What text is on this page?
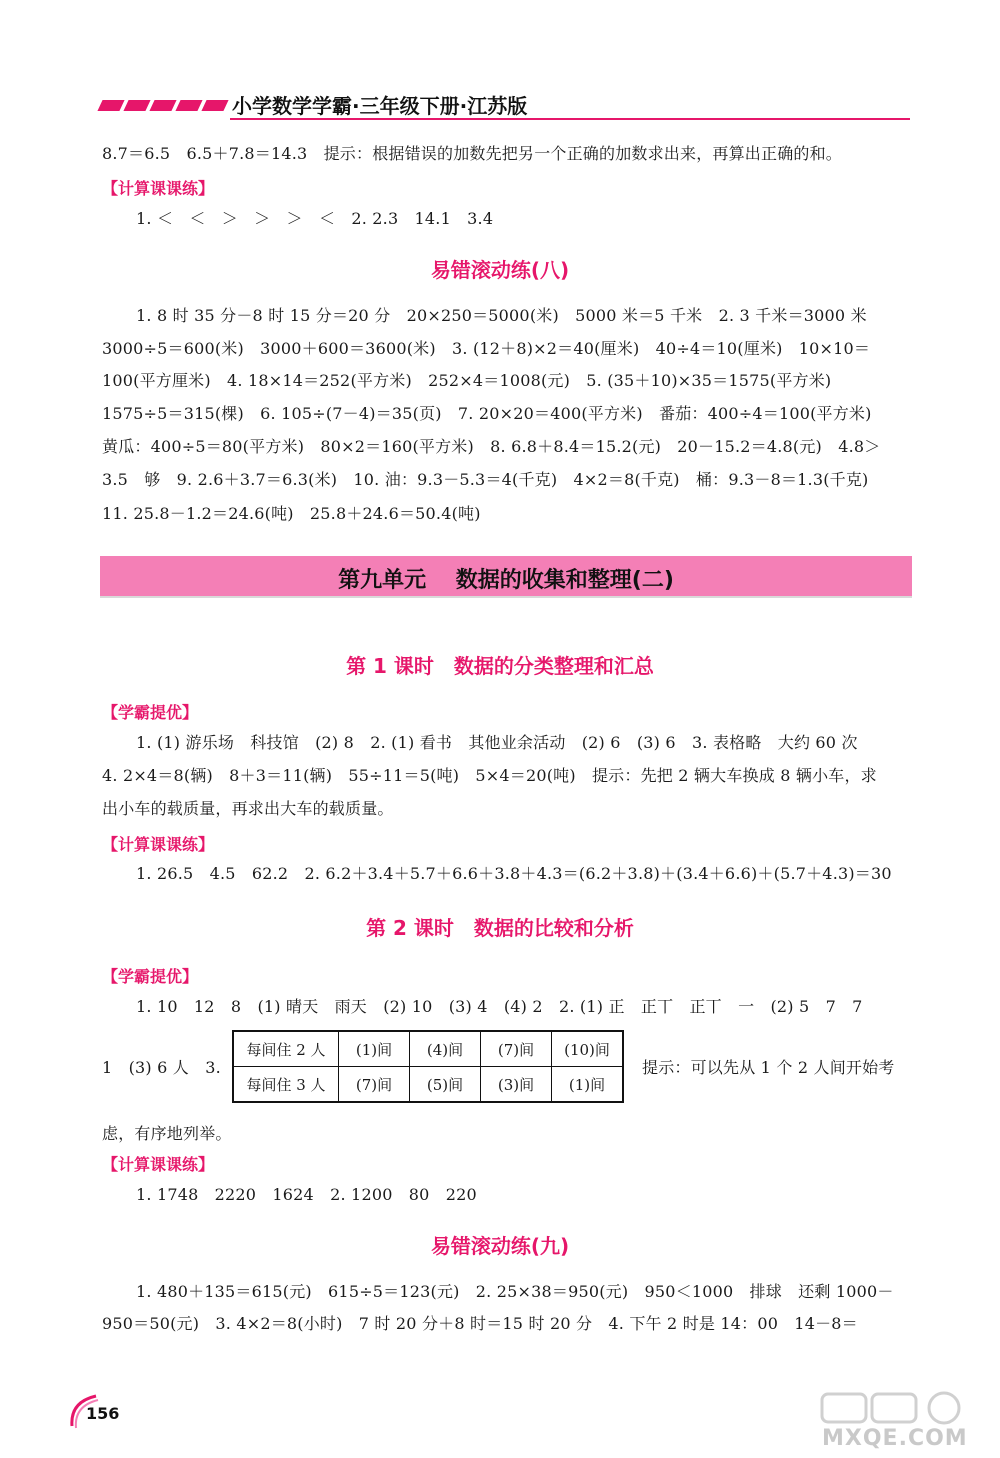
小学数学学霸·三年级下册·江苏版
8.7＝6.5　6.5＋7.8＝14.3　提示：根据错误的加数先把另一个正确的加数求出来，再算出正确的和。
【计算课课练】
1. ＜　＜　＞　＞　＞　＜　2. 2.3　14.1　3.4
易错滚动练(八)
1. 8 时 35 分－8 时 15 分＝20 分　20×250＝5000(米)　5000 米＝5 千米　2. 3 千米＝3000 米
3000÷5＝600(米)　3000＋600＝3600(米)　3. (12＋8)×2＝40(厘米)　40÷4＝10(厘米)　10×10＝
100(平方厘米)　4. 18×14＝252(平方米)　252×4＝1008(元)　5. (35＋10)×35＝1575(平方米)
1575÷5＝315(棵)　6. 105÷(7－4)＝35(页)　7. 20×20＝400(平方米)　番茄：400÷4＝100(平方米)
黄瓜：400÷5＝80(平方米)　80×2＝160(平方米)　8. 6.8＋8.4＝15.2(元)　20－15.2＝4.8(元)　4.8＞
3.5　够　9. 2.6＋3.7＝6.3(米)　10. 油：9.3－5.3＝4(千克)　4×2＝8(千克)　桶：9.3－8＝1.3(千克)
11. 25.8－1.2＝24.6(吨)　25.8＋24.6＝50.4(吨)
第九单元　 数据的收集和整理(二)
第 1 课时　数据的分类整理和汇总
【学霸提优】
1. (1) 游乐场　科技馆　(2) 8　2. (1) 看书　其他业余活动　(2) 6　(3) 6　3. 表格略　大约 60 次
4. 2×4＝8(辆)　8＋3＝11(辆)　55÷11＝5(吨)　5×4＝20(吨)　提示：先把 2 辆大车换成 8 辆小车，求
出小车的载质量，再求出大车的载质量。
【计算课课练】
1. 26.5　4.5　62.2　2. 6.2＋3.4＋5.7＋6.6＋3.8＋4.3＝(6.2＋3.8)＋(3.4＋6.6)＋(5.7＋4.3)＝30
第 2 课时　数据的比较和分析
【学霸提优】
1. 10　12　8　(1) 晴天　雨天　(2) 10　(3) 4　(4) 2　2. (1) 正　正丅　正丅　一　(2) 5　7　7
1　(3) 6 人　3.
每间住 2 人	(1)间	(4)间	(7)间	(10)间
每间住 3 人	(7)间	(5)间	(3)间	(1)间
提示：可以先从 1 个 2 人间开始考
虑，有序地列举。
【计算课课练】
1. 1748　2220　1624　2. 1200　80　220
易错滚动练(九)
1. 480＋135＝615(元)　615÷5＝123(元)　2. 25×38＝950(元)　950＜1000　排球　还剩 1000－
950＝50(元)　3. 4×2＝8(小时)　7 时 20 分＋8 时＝15 时 20 分　4. 下午 2 时是 14：00　14－8＝
156
MXQE.COM
